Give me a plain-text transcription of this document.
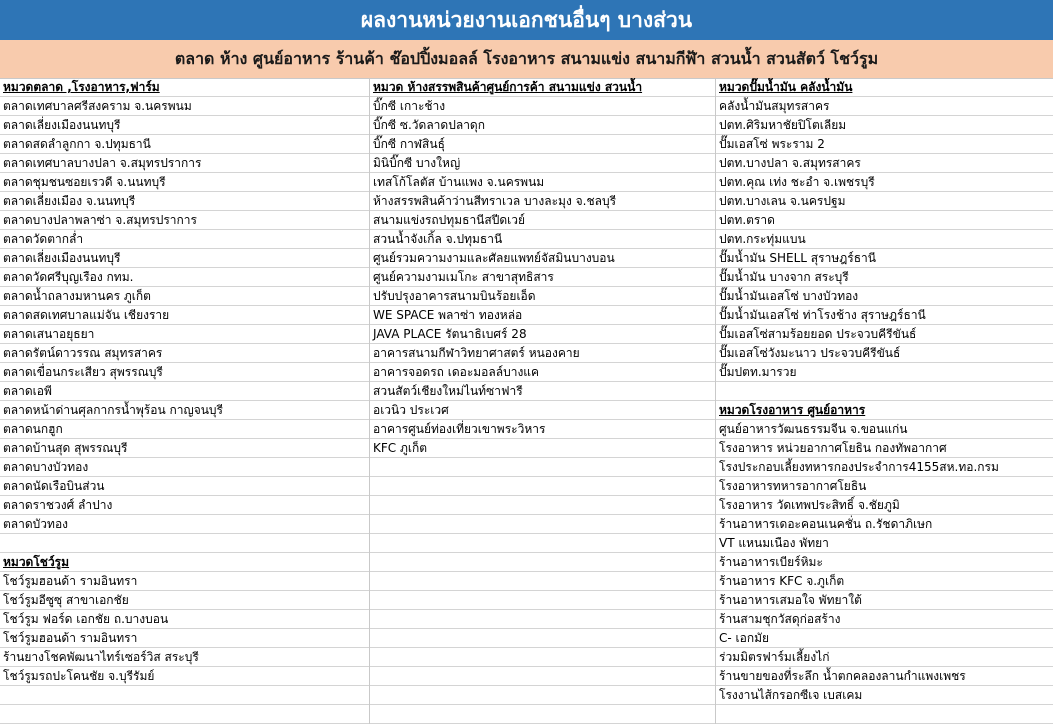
ผลงานหน่วยงานเอกชนอื่นๆ บางส่วน
ตลาด ห้าง ศูนย์อาหาร ร้านค้า ช๊อปปิ้งมอลล์ โรงอาหาร สนามแข่ง สนามกีฬ้า สวนน้ำ สวนสัตว์ โชว์รูม
หมวดตลาด ,โรงอาหาร,ฟาร์ม
ตลาดเทศบาลศรีสงคราม จ.นครพนม
ตลาดเลี่ยงเมืองนนทบุรี
ตลาดสดลำลูกกา จ.ปทุมธานี
ตลาดเทศบาลบางปลา จ.สมุทรปราการ
ตลาดชุมชนซอยเรวดี จ.นนทบุรี
ตลาดเลี่ยงเมือง จ.นนทบุรี
ตลาดบางปลาพลาซ่า จ.สมุทรปราการ
ตลาดวัดตากล่ำ
ตลาดเลี่ยงเมืองนนทบุรี
ตลาดวัดศรีบุญเรือง กทม.
ตลาดน้ำถลางมหานคร ภูเก็ต
ตลาดสดเทศบาลแม่จัน เชียงราย
ตลาดเสนาอยุธยา
ตลาดรัตน์ดาวรรณ สมุทรสาคร
ตลาดเขื่อนกระเสียว สุพรรณบุรี
ตลาดเอพี
ตลาดหน้าด่านศุลกากรน้ำพุร้อน กาญจนบุรี
ตลาดนกฮูก
ตลาดบ้านสุด สุพรรณบุรี
ตลาดบางบัวทอง
ตลาดนัดเรือบินส่วน
ตลาดราชวงศ์ ลำปาง
ตลาดบัวทอง
หมวดโชว์รูม
โชว์รูมฮอนด้า รามอินทรา
โชว์รูมอีซูซุ สาขาเอกชัย
โชว์รูม ฟอร์ด เอกชัย ถ.บางบอน
โชว์รูมฮอนด้า รามอินทรา
ร้านยางโชคพัฒนาไทร์เซอร์วิส สระบุรี
โชว์รูมรถปะโคนชัย จ.บุรีรัมย์
หมวด ห้างสรรพสินค้าศูนย์การค้า สนามแข่ง สวนน้ำ
บิ๊กซี เกาะช้าง
บิ๊กซี ซ.วัดลาดปลาดุก
บิ๊กซี กาฬสินธุ์
มินิบิ๊กซี บางใหญ่
เทสโก้โลตัส บ้านแพง จ.นครพนม
ห้างสรรพสินค้าว่านสีทราเวล บางละมุง จ.ชลบุรี
สนามแข่งรถปทุมธานีสปีดเวย์
สวนน้ำจังเกิ้ล จ.ปทุมธานี
ศูนย์รวมความงามและศัลยแพทย์จัสมินบางบอน
ศูนย์ความงามเมโกะ สาขาสุทธิสาร
ปรับปรุงอาคารสนามบินร้อยเอ็ด
WE SPACE พลาซ่า ทองหล่อ
JAVA PLACE รัตนาธิเบศร์ 28
อาคารสนามกีฬาวิทยาศาสตร์ หนองคาย
อาคารจอดรถ เดอะมอลล์บางแค
สวนสัตว์เชียงใหม่ไนท์ซาฟารี
อเวนิว ประเวศ
อาคารศูนย์ท่องเที่ยวเขาพระวิหาร
KFC ภูเก็ต
หมวดปั๊มน้ำมัน คลังน้ำมัน
คลังน้ำมันสมุทรสาคร
ปตท.ศิริมหาชัยปิโตเลียม
ปั๊มเอสโซ่ พระราม 2
ปตท.บางปลา จ.สมุทรสาคร
ปตท.คุณ เท่ง ชะอำ จ.เพชรบุรี
ปตท.บางเลน จ.นครปฐม
ปตท.ตราด
ปตท.กระทุ่มแบน
ปั๊มน้ำมัน SHELL สุราษฎร์ธานี
ปั๊มน้ำมัน บางจาก สระบุรี
ปั๊มน้ำมันเอสโซ่ บางบัวทอง
ปั๊มน้ำมันเอสโซ่ ท่าโรงช้าง สุราษฎร์ธานี
ปั๊มเอสโซ่สามร้อยยอด ประจวบคีรีขันธ์
ปั๊มเอสโซ่วังมะนาว ประจวบคีรีขันธ์
ปั๊มปตท.มารวย
หมวดโรงอาหาร ศูนย์อาหาร
ศูนย์อาหารวัฒนธรรมจีน จ.ขอนแก่น
โรงอาหาร หน่วยอากาศโยธิน กองทัพอากาศ
โรงประกอบเลี้ยงทหารกองประจำการ4155สห.ทอ.กรม
โรงอาหารทหารอากาศโยธิน
โรงอาหาร วัดเทพประสิทธิ์ จ.ชัยภูมิ
ร้านอาหารเดอะคอนเนคชั่น ถ.รัชดาภิเษก
VT แหนมเนือง พัทยา
ร้านอาหารเบียร์หิมะ
ร้านอาหาร KFC จ.ภูเก็ต
ร้านอาหารเสมอใจ พัทยาใต้
ร้านสามชุกวัสดุก่อสร้าง
C- เอกมัย
ร่วมมิตรฟาร์มเลี้ยงไก่
ร้านขายของที่ระลึก น้ำตกคลองลานกำแพงเพชร
โรงงานไส้กรอกซีเจ เบสเคม
